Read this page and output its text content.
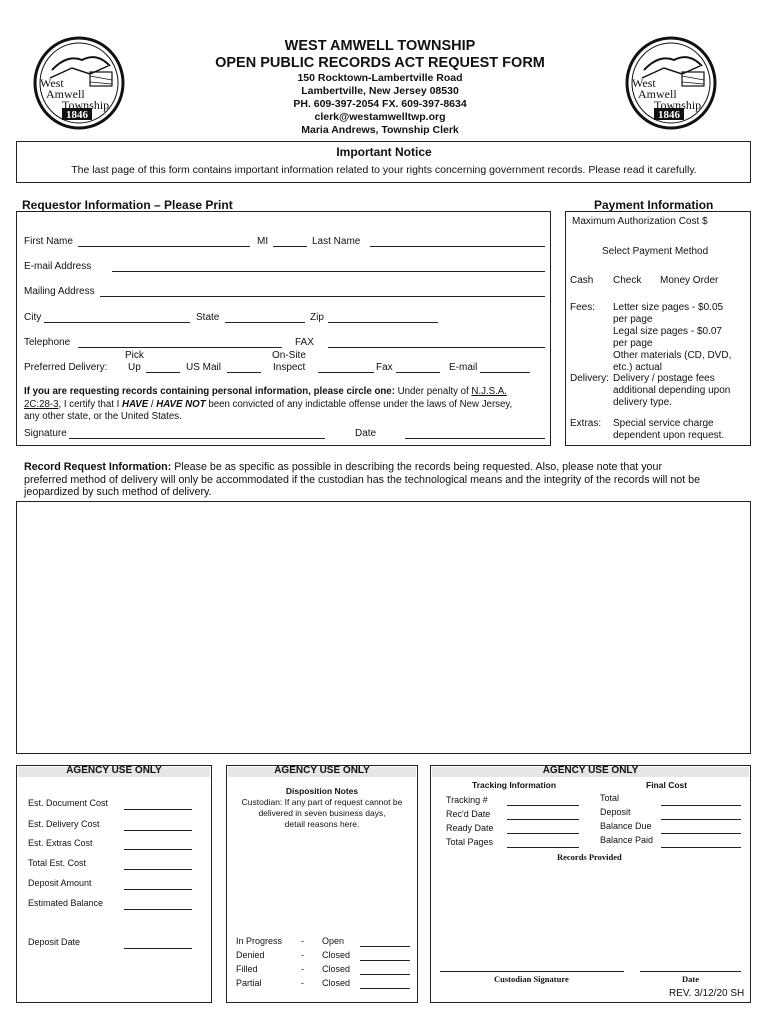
West
Amwell
Township
1846
West
Amwell
Township
1846
WEST AMWELL TOWNSHIP
OPEN PUBLIC RECORDS ACT REQUEST FORM
150 Rocktown-Lambertville Road
Lambertville, New Jersey 08530
PH. 609-397-2054 FX. 609-397-8634
clerk@westamwelltwp.org
Maria Andrews, Township Clerk
Important Notice
The last page of this form contains important information related to your rights concerning government records. Please read it carefully.
Requestor Information – Please Print
First Name	MI	Last Name
E-mail Address
Mailing Address
City	State	Zip
Telephone	FAX
Preferred Delivery:
Pick
Up	US Mail
On-Site
Inspect	Fax	E-mail
If you are requesting records containing personal information, please circle one: Under penalty of N.J.S.A.
2C:28-3, I certify that I HAVE / HAVE NOT been convicted of any indictable offense under the laws of New Jersey,
any other state, or the United States.
Signature	Date
Payment Information
Maximum Authorization Cost $
Select Payment Method
Cash Check Money Order
Fees: Letter size pages - $0.05
per page
Legal size pages - $0.07
per page
Other materials (CD, DVD,
etc.) actual
Delivery: Delivery / postage fees
additional depending upon
delivery type.
Extras: Special service charge
dependent upon request.
Record Request Information: Please be as specific as possible in describing the records being requested. Also, please note that your
preferred method of delivery will only be accommodated if the custodian has the technological means and the integrity of the records will not be
jeopardized by such method of delivery.
AGENCY USE ONLY
Est. Document Cost
Est. Delivery Cost
Est. Extras Cost
Total Est. Cost
Deposit Amount
Estimated Balance
Deposit Date
AGENCY USE ONLY
Disposition Notes
Custodian: If any part of request cannot be
delivered in seven business days,
detail reasons here.
In Progress - Open
Denied	- Closed
Filled	- Closed
Partial	- Closed
AGENCY USE ONLY
Tracking Information	Final Cost
Tracking #
Rec'd Date
Ready Date
Total Pages
Total
Deposit
Balance Due
Balance Paid
Records Provided
Custodian Signature	Date
REV. 3/12/20 SH
